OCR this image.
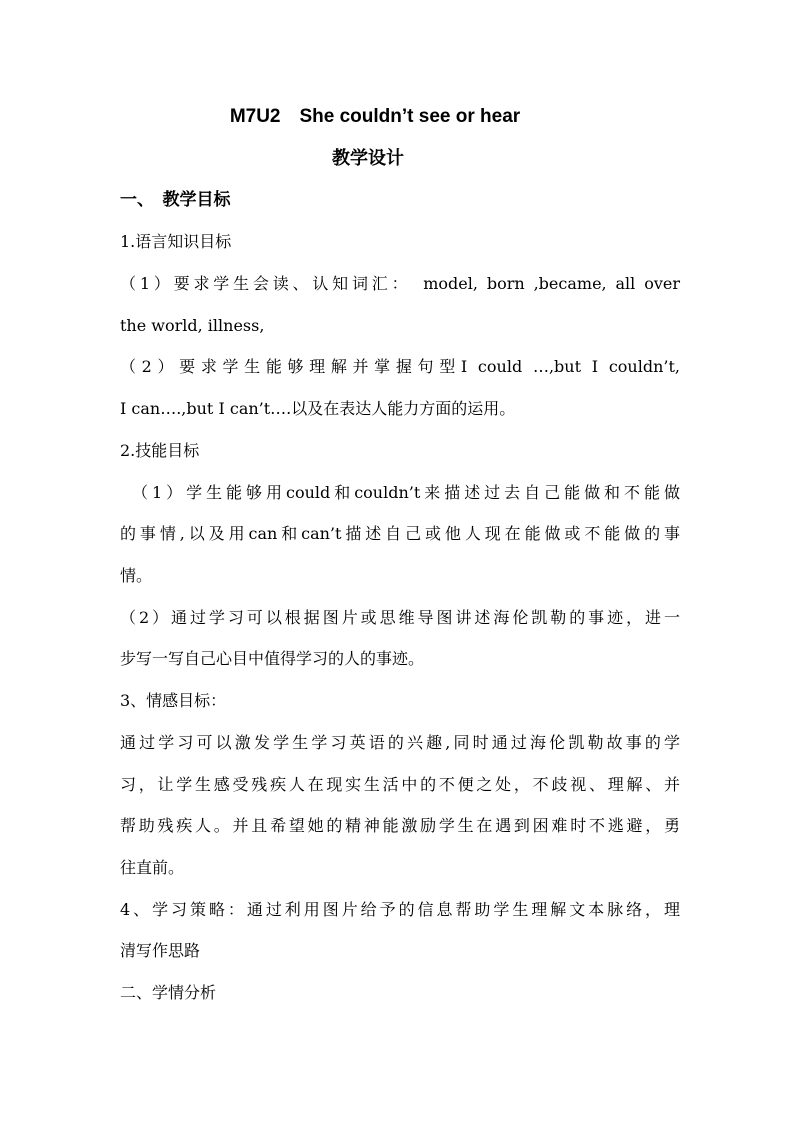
M7U2　She couldn’t see or hear
教学设计
一、　教学目标
1.语言知识目标
（1）要求学生会读、认知词汇：　model, born ,became, all over
the world, illness,
（2）要求学生能够理解并掌握句型I could …,but I couldn’t,
I can….,but I can’t….以及在表达人能力方面的运用。
2.技能目标
　（1）学生能够用could和couldn’t来描述过去自己能做和不能做
的事情,以及用can和can’t描述自己或他人现在能做或不能做的事
情。
（2）通过学习可以根据图片或思维导图讲述海伦凯勒的事迹，进一
步写一写自己心目中值得学习的人的事迹。
3、情感目标：
通过学习可以激发学生学习英语的兴趣,同时通过海伦凯勒故事的学
习，让学生感受残疾人在现实生活中的不便之处，不歧视、理解、并
帮助残疾人。并且希望她的精神能激励学生在遇到困难时不逃避，勇
往直前。
4、学习策略：通过利用图片给予的信息帮助学生理解文本脉络，理
清写作思路
二、学情分析
